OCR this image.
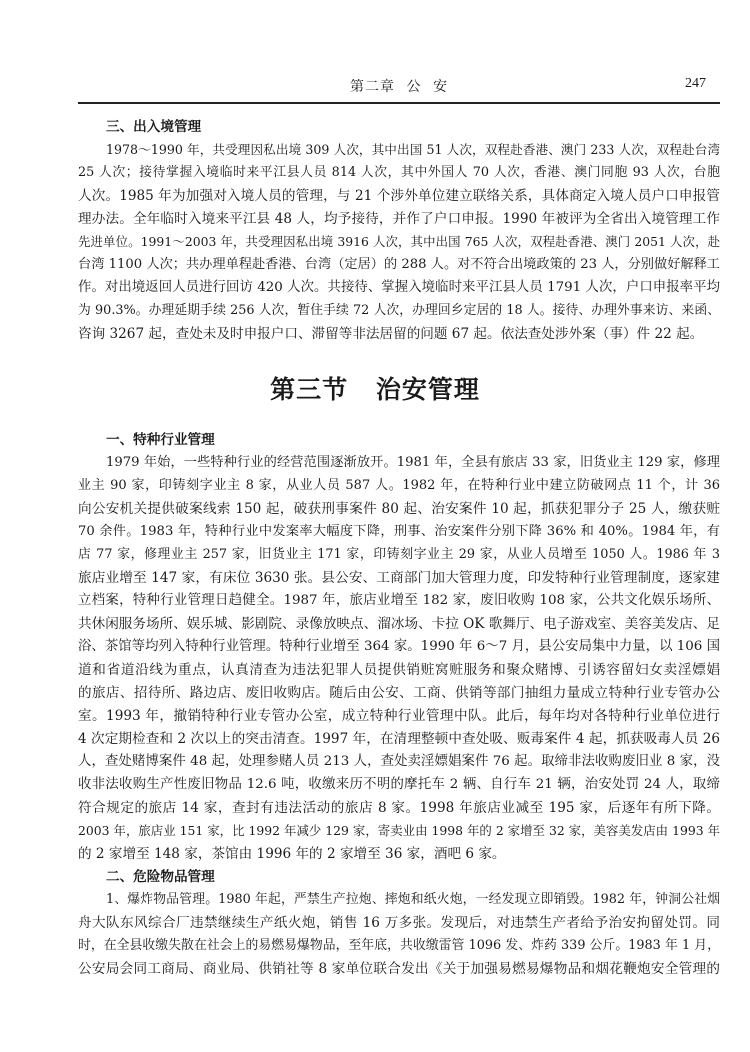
第二章 公 安	247
三、出入境管理
1978～1990 年，共受理因私出境 309 人次，其中出国 51 人次，双程赴香港、澳门 233 人次，双程赴台湾
25 人次；接待掌握入境临时来平江县人员 814 人次，其中外国人 70 人次，香港、澳门同胞 93 人次，台胞
人次。1985 年为加强对入境人员的管理，与 21 个涉外单位建立联络关系，具体商定入境人员户口申报管
理办法。全年临时入境来平江县 48 人，均予接待，并作了户口申报。1990 年被评为全省出入境管理工作
先进单位。1991～2003 年，共受理因私出境 3916 人次，其中出国 765 人次，双程赴香港、澳门 2051 人次，赴
台湾 1100 人次；共办理单程赴香港、台湾（定居）的 288 人。对不符合出境政策的 23 人，分别做好解释工
作。对出境返回人员进行回访 420 人次。共接待、掌握入境临时来平江县人员 1791 人次，户口申报率平均
为 90.3%。办理延期手续 256 人次，暂住手续 72 人次，办理回乡定居的 18 人。接待、办理外事来访、来函、
咨询 3267 起，查处未及时申报户口、滞留等非法居留的问题 67 起。依法查处涉外案（事）件 22 起。
第三节 治安管理
一、特种行业管理
1979 年始，一些特种行业的经营范围逐渐放开。1981 年，全县有旅店 33 家，旧货业主 129 家，修理
业主 90 家，印铸刻字业主 8 家，从业人员 587 人。1982 年，在特种行业中建立防破网点 11 个，计 36
向公安机关提供破案线索 150 起，破获刑事案件 80 起、治安案件 10 起，抓获犯罪分子 25 人，缴获赃
70 余件。1983 年，特种行业中发案率大幅度下降，刑事、治安案件分别下降 36% 和 40%。1984 年，有
店 77 家，修理业主 257 家，旧货业主 171 家，印铸刻字业主 29 家，从业人员增至 1050 人。1986 年 3
旅店业增至 147 家，有床位 3630 张。县公安、工商部门加大管理力度，印发特种行业管理制度，逐家建
立档案，特种行业管理日趋健全。1987 年，旅店业增至 182 家，废旧收购 108 家，公共文化娱乐场所、
共休闲服务场所、娱乐城、影剧院、录像放映点、溜冰场、卡拉 OK 歌舞厅、电子游戏室、美容美发店、足
浴、茶馆等均列入特种行业管理。特种行业增至 364 家。1990 年 6～7 月，县公安局集中力量，以 106 国
道和省道沿线为重点，认真清查为违法犯罪人员提供销赃窝赃服务和聚众赌博、引诱容留妇女卖淫嫖娼
的旅店、招待所、路边店、废旧收购店。随后由公安、工商、供销等部门抽组力量成立特种行业专管办公
室。1993 年，撤销特种行业专管办公室，成立特种行业管理中队。此后，每年均对各特种行业单位进行
4 次定期检查和 2 次以上的突击清查。1997 年，在清理整顿中查处吸、贩毒案件 4 起，抓获吸毒人员 26
人，查处赌博案件 48 起，处理参赌人员 213 人，查处卖淫嫖娼案件 76 起。取缔非法收购废旧业 8 家，没
收非法收购生产性废旧物品 12.6 吨，收缴来历不明的摩托车 2 辆、自行车 21 辆，治安处罚 24 人，取缔
符合规定的旅店 14 家，查封有违法活动的旅店 8 家。1998 年旅店业减至 195 家，后逐年有所下降。
2003 年，旅店业 151 家，比 1992 年减少 129 家，寄卖业由 1998 年的 2 家增至 32 家，美容美发店由 1993 年
的 2 家增至 148 家，茶馆由 1996 年的 2 家增至 36 家，酒吧 6 家。
二、危险物品管理
1、爆炸物品管理。1980 年起，严禁生产拉炮、摔炮和纸火炮，一经发现立即销毁。1982 年，钟洞公社烟
舟大队东风综合厂违禁继续生产纸火炮，销售 16 万多张。发现后，对违禁生产者给予治安拘留处罚。同
时，在全县收缴失散在社会上的易燃易爆物品，至年底，共收缴雷管 1096 发、炸药 339 公斤。1983 年 1 月，
公安局会同工商局、商业局、供销社等 8 家单位联合发出《关于加强易燃易爆物品和烟花鞭炮安全管理的
